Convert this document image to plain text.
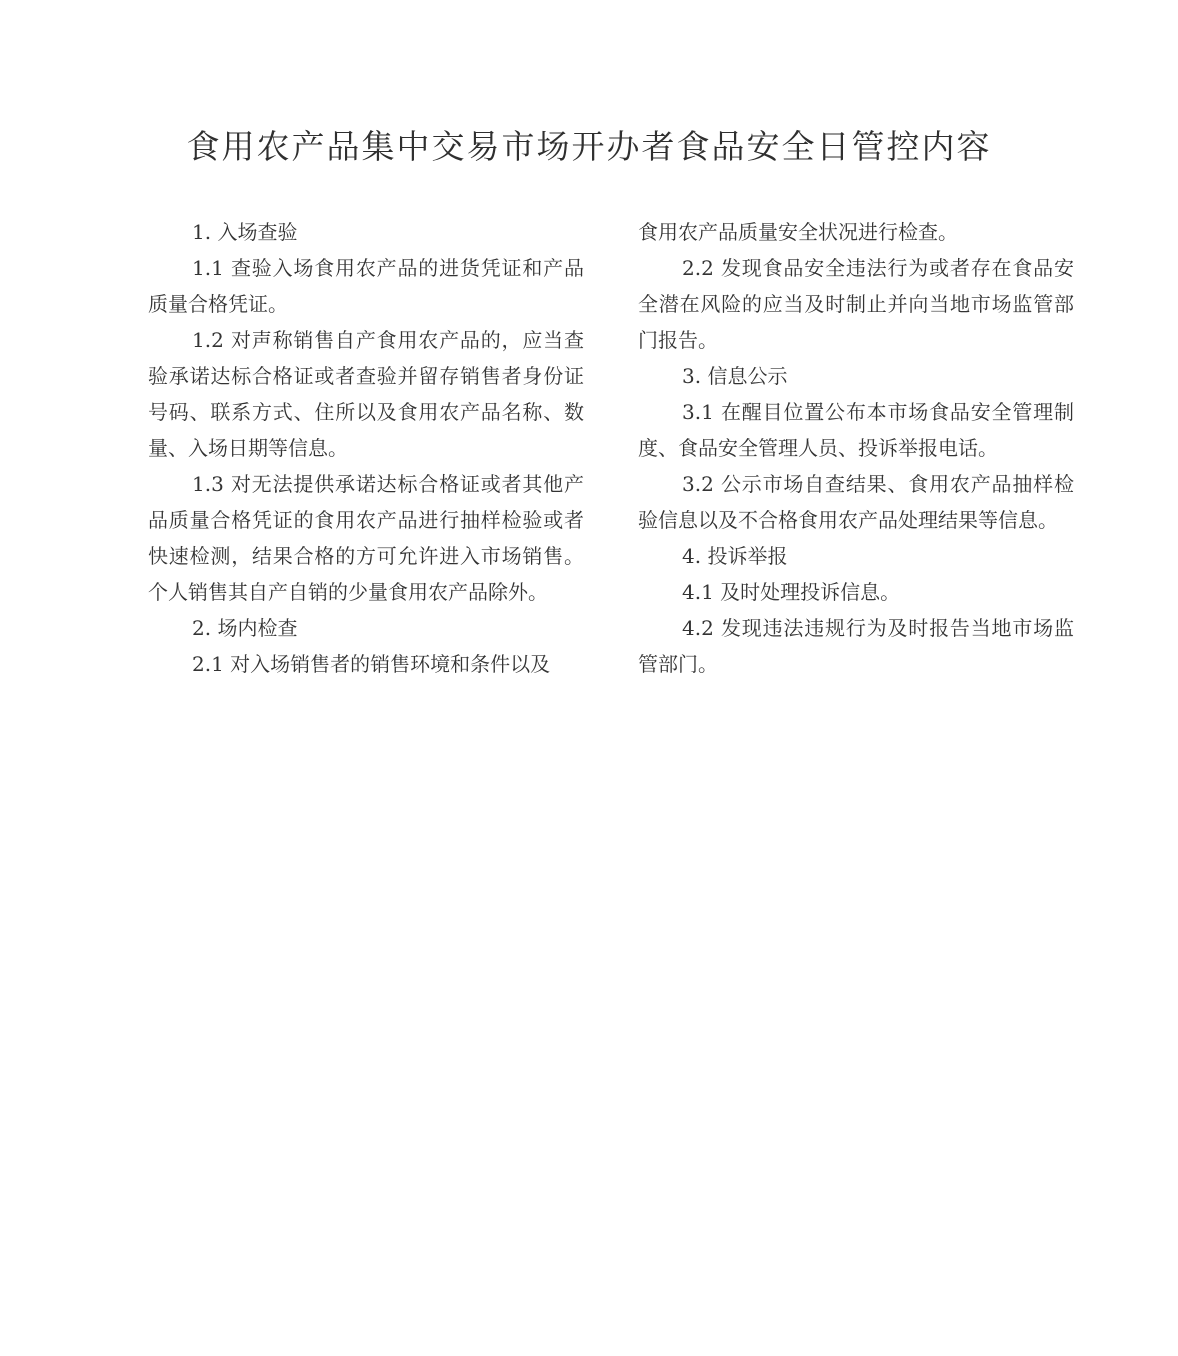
食用农产品集中交易市场开办者食品安全日管控内容

1. 入场查验

1.1 查验入场食用农产品的进货凭证和产品质量合格凭证。

1.2 对声称销售自产食用农产品的，应当查验承诺达标合格证或者查验并留存销售者身份证号码、联系方式、住所以及食用农产品名称、数量、入场日期等信息。

1.3 对无法提供承诺达标合格证或者其他产品质量合格凭证的食用农产品进行抽样检验或者快速检测，结果合格的方可允许进入市场销售。个人销售其自产自销的少量食用农产品除外。

2. 场内检查

2.1 对入场销售者的销售环境和条件以及

食用农产品质量安全状况进行检查。

2.2 发现食品安全违法行为或者存在食品安全潜在风险的应当及时制止并向当地市场监管部门报告。

3. 信息公示

3.1 在醒目位置公布本市场食品安全管理制度、食品安全管理人员、投诉举报电话。

3.2 公示市场自查结果、食用农产品抽样检验信息以及不合格食用农产品处理结果等信息。

4. 投诉举报

4.1 及时处理投诉信息。

4.2 发现违法违规行为及时报告当地市场监管部门。
